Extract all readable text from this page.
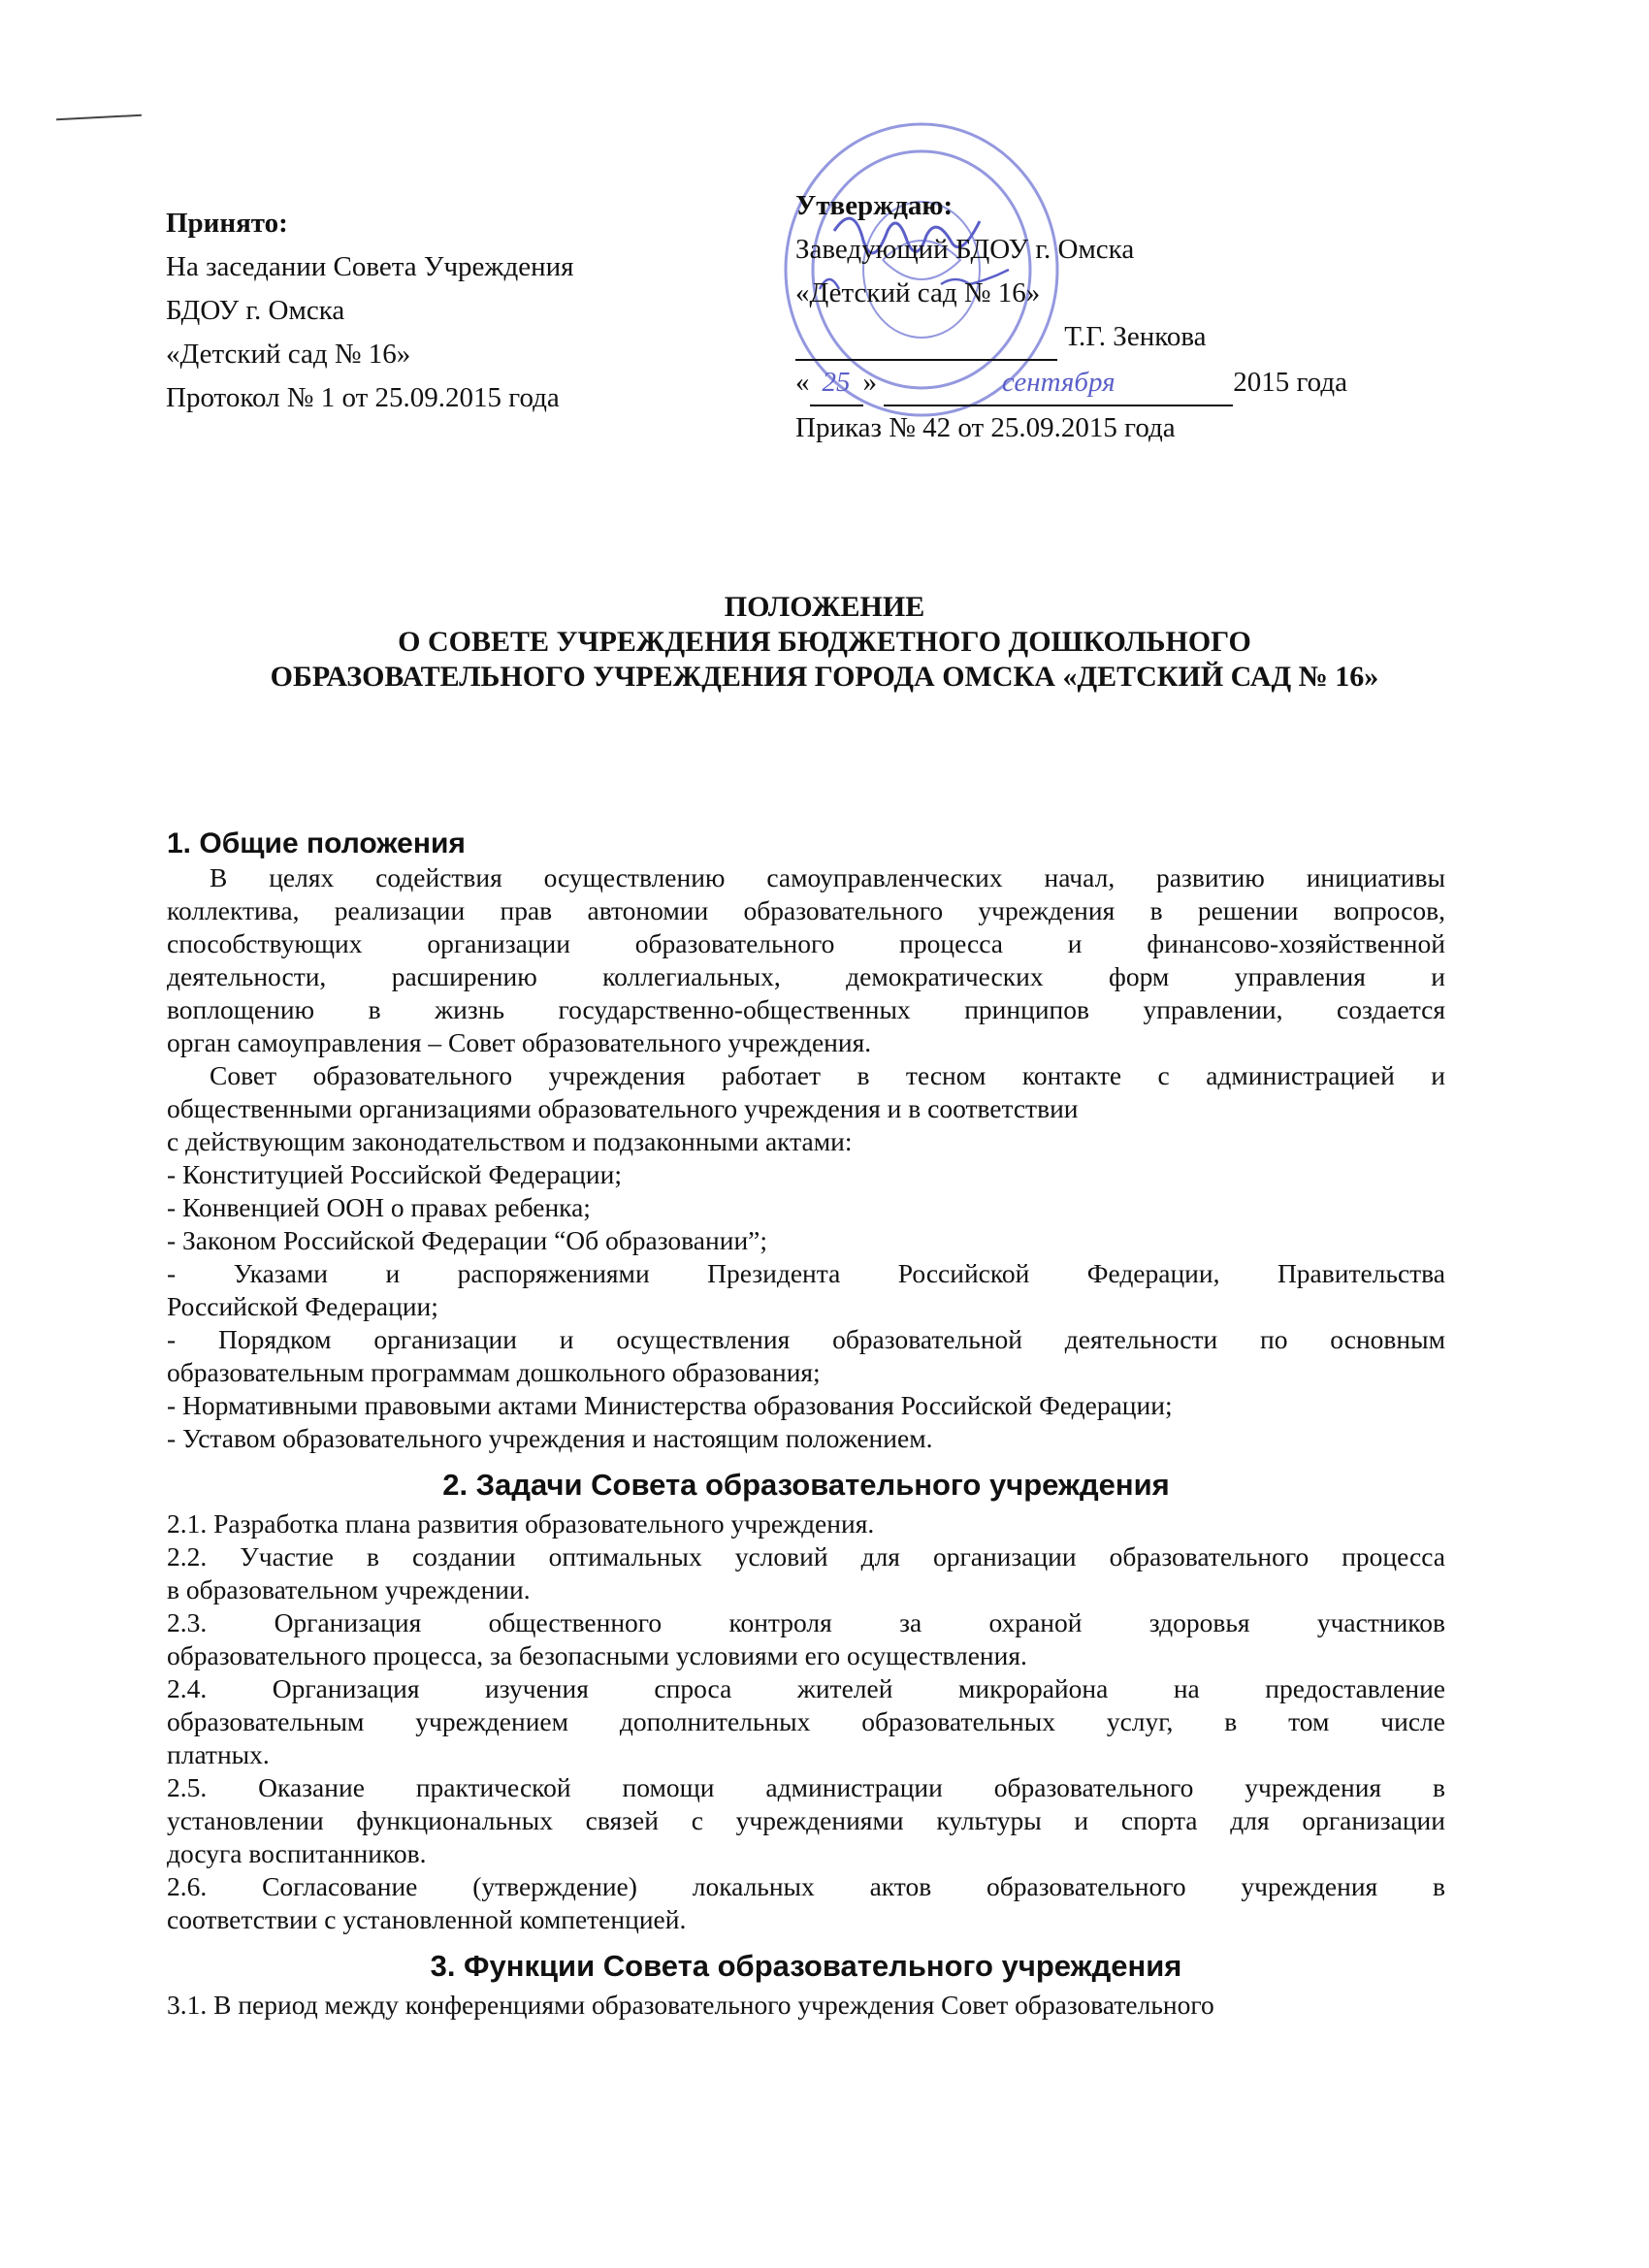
Принято:
На заседании Совета Учреждения
БДОУ г. Омска
«Детский сад № 16»
Протокол № 1 от 25.09.2015 года
Утверждаю:
Заведующий БДОУ г. Омска
«Детский сад № 16»
Т.Г. Зенкова
« 25 »	сентября	2015 года
Приказ № 42 от 25.09.2015 года
ПОЛОЖЕНИЕ
О СОВЕТЕ УЧРЕЖДЕНИЯ БЮДЖЕТНОГО ДОШКОЛЬНОГО
ОБРАЗОВАТЕЛЬНОГО УЧРЕЖДЕНИЯ ГОРОДА ОМСКА «ДЕТСКИЙ САД № 16»
1. Общие положения
В целях содействия осуществлению самоуправленческих начал, развитию инициативы
коллектива, реализации прав автономии образовательного учреждения в решении вопросов,
способствующих организации образовательного процесса и финансово-хозяйственной
деятельности, расширению коллегиальных, демократических форм управления и
воплощению в жизнь государственно-общественных принципов управлении, создается
орган самоуправления – Совет образовательного учреждения.
Совет образовательного учреждения работает в тесном контакте с администрацией и
общественными организациями образовательного учреждения и в соответствии
с действующим законодательством и подзаконными актами:
- Конституцией Российской Федерации;
- Конвенцией ООН о правах ребенка;
- Законом Российской Федерации “Об образовании”;
- Указами и распоряжениями Президента Российской Федерации, Правительства
Российской Федерации;
- Порядком организации и осуществления образовательной деятельности по основным
образовательным программам дошкольного образования;
- Нормативными правовыми актами Министерства образования Российской Федерации;
- Уставом образовательного учреждения и настоящим положением.
2. Задачи Совета образовательного учреждения
2.1. Разработка плана развития образовательного учреждения.
2.2. Участие в создании оптимальных условий для организации образовательного процесса
в образовательном учреждении.
2.3. Организация общественного контроля за охраной здоровья участников
образовательного процесса, за безопасными условиями его осуществления.
2.4. Организация изучения спроса жителей микрорайона на предоставление
образовательным учреждением дополнительных образовательных услуг, в том числе
платных.
2.5. Оказание практической помощи администрации образовательного учреждения в
установлении функциональных связей с учреждениями культуры и спорта для организации
досуга воспитанников.
2.6. Согласование (утверждение) локальных актов образовательного учреждения в
соответствии с установленной компетенцией.
3. Функции Совета образовательного учреждения
3.1. В период между конференциями образовательного учреждения Совет образовательного
